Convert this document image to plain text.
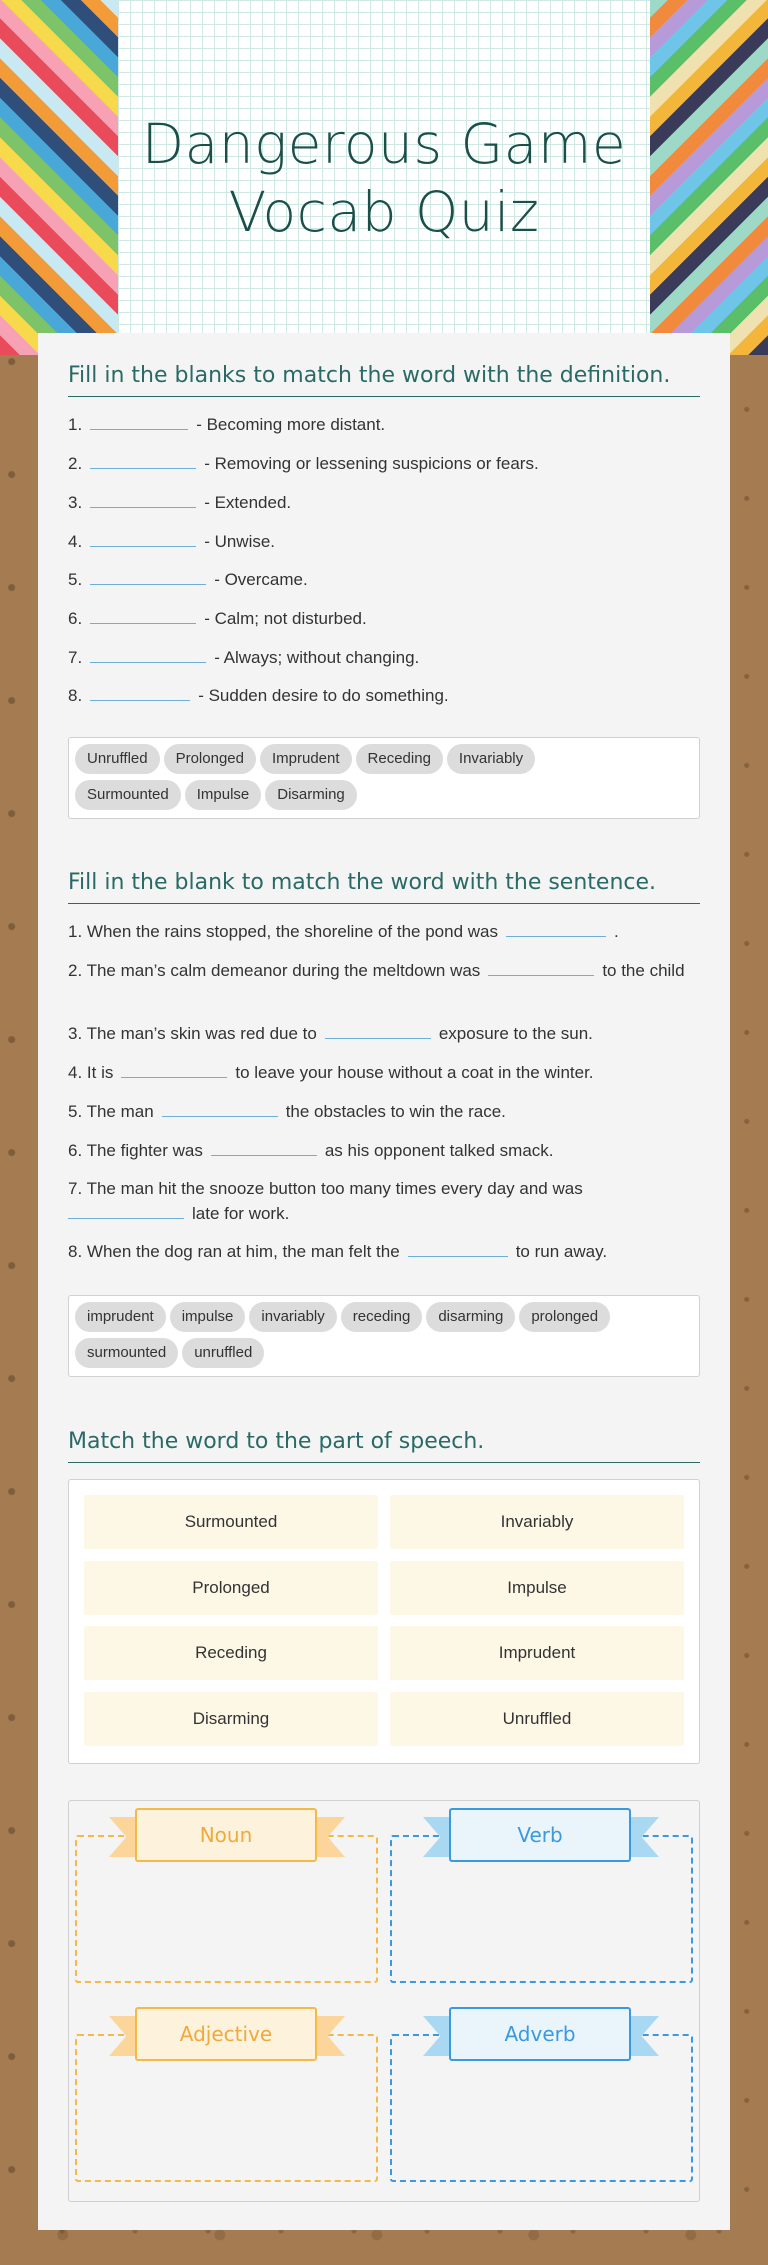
Dangerous Game
Vocab Quiz
Fill in the blanks to match the word with the definition.
1.	- Becoming more distant.
2.	- Removing or lessening suspicions or fears.
3.	- Extended.
4.	- Unwise.
5.	- Overcame.
6.	- Calm; not disturbed.
7.	- Always; without changing.
8.	- Sudden desire to do something.
Unruffled Prolonged Imprudent Receding Invariably
Surmounted Impulse Disarming
Fill in the blank to match the word with the sentence.
1. When the rains stopped, the shoreline of the pond was	.
2. The man’s calm demeanor during the meltdown was	to the child
3. The man’s skin was red due to	exposure to the sun.
4. It is	to leave your house without a coat in the winter.
5. The man	the obstacles to win the race.
6. The fighter was	as his opponent talked smack.
7. The man hit the snooze button too many times every day and was
late for work.
8. When the dog ran at him, the man felt the	to run away.
imprudent impulse invariably receding disarming prolonged
surmounted unruffled
Match the word to the part of speech.
Surmounted	Invariably
Prolonged	Impulse
Receding	Imprudent
Disarming	Unruffled
Noun	Verb
Adjective	Adverb
